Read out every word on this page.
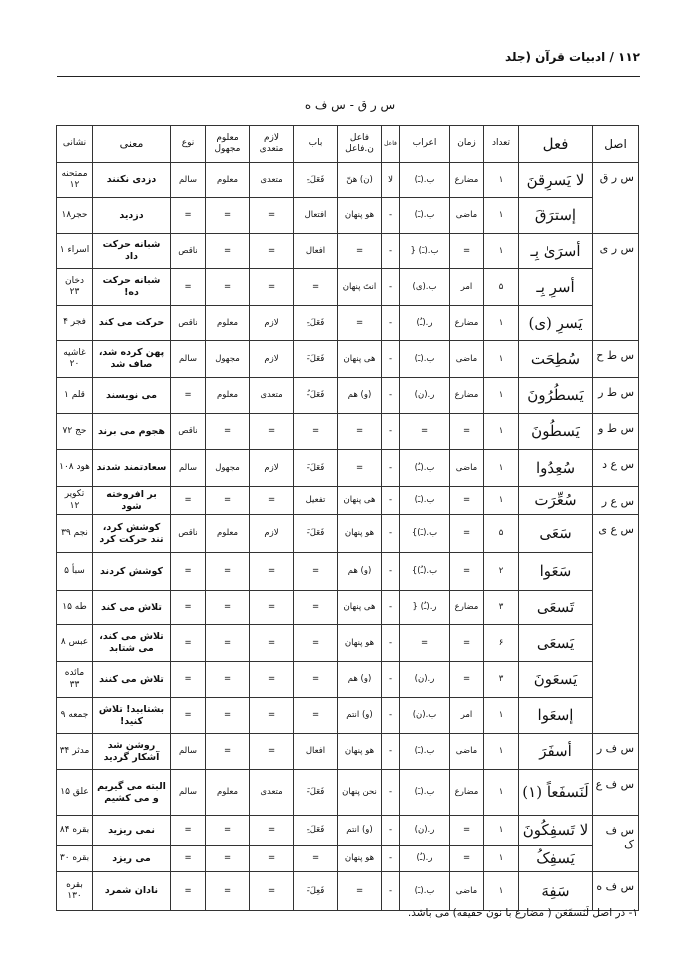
۱۱۲ / ادبیات قرآن (جلد
س ر ق - س ف ه
اصل	فعل	تعداد	زمان	اعراب	فاعل	فاعل ن.فاعل	باب	لازم متعدی	معلوم مجهول	نوع	معنی	نشانی
س ر ق	لا یَسرِقنَ	۱	مضارع	ب.(ـَ)	لا	(ن) هنّ	فَعَلَ-ِ	متعدی	معلوم	سالم	دزدی نکنند	ممتحنه ۱۲
	إسترَقَ	۱	ماضی	ب.(ـَ)	-	هو پنهان	افتعال	=	=	=	دزدید	حجر۱۸
س ر ی	أسرَیٰ بِـ	۱	=	ب.(ـَ) {	-	=	افعال	=	=	ناقص	شبانه حرکت داد	اسراء ۱
	أسرِ بِـ	۵	امر	ب.(ی)	-	انتَ پنهان	=	=	=	=	شبانه حرکت ده!	دخان ۲۳
	یَسرِ (ی)	۱	مضارع	ر.(ـُ)	-	=	فَعَلَ-ِ	لازم	معلوم	ناقص	حرکت می کند	فجر ۴
س ط ح	سُطِحَت	۱	ماضی	ب.(ـَ)	-	هی پنهان	فَعَلَ-َ	لازم	مجهول	سالم	پهن کرده شد، صاف شد	غاشیه ۲۰
س ط ر	یَسطُرُونَ	۱	مضارع	ر.(ن)	-	(و) هم	فَعَلَ-ُ	متعدی	معلوم	=	می نویسند	قلم ۱
س ط و	یَسطُونَ	۱	=	=	-	=	=	=	=	ناقص	هجوم می برند	حج ۷۲
س ع د	سُعِدُوا	۱	ماضی	ب.(ـُ)	-	=	فَعَلَ-َ	لازم	مجهول	سالم	سعادتمند شدند	هود ۱۰۸
س ع ر	سُعِّرَت	۱	=	ب.(ـَ)	-	هی پنهان	تفعیل	=	=	=	بر افروخته شود	تکویر ۱۲
س ع ی	سَعَی	۵	=	ب.(ـَ)}	-	هو پنهان	فَعَلَ-َ	لازم	معلوم	ناقص	کوشش کرد، تند حرکت کرد	نجم ۳۹
	سَعَوا	۲	=	ب.(ـُ)}	-	(و) هم	=	=	=	=	کوشش کردند	سبأ ۵
	تَسعَی	۳	مضارع	ر.(ـُ) {	-	هی پنهان	=	=	=	=	تلاش می کند	طه ۱۵
	یَسعَی	۶	=	=	-	هو پنهان	=	=	=	=	تلاش می کند، می شتابد	عبس ۸
	یَسعَونَ	۳	=	ر.(ن)	-	(و) هم	=	=	=	=	تلاش می کنند	مائده ۳۳
	إسعَوا	۱	امر	ب.(ن)	-	(و) انتم	=	=	=	=	بشتابید! تلاش کنید!	جمعه ۹
س ف ر	أسفَرَ	۱	ماضی	ب.(ـَ)	-	هو پنهان	افعال	=	=	سالم	روشن شد آشکار گردید	مدثر ۳۴
س ف ع	لَنَسفَعاً (۱)	۱	مضارع	ب.(ـَ)	-	نحن پنهان	فَعَلَ-َ	متعدی	معلوم	سالم	البته می گیریم و می کشیم	علق ۱۵
س ف ک	لا تَسفِکُونَ	۱	=	ر.(ن)	-	(و) انتم	فَعَلَ-ِ	=	=	=	نمی ریزید	بقره ۸۴
	یَسفِکُ	۱	=	ر.(ـُ)	-	هو پنهان	=	=	=	=	می ریزد	بقره ۳۰
س ف ه	سَفِهَ	۱	ماضی	ب.(ـَ)	-	=	فَعِلَ-َ	=	=	=	نادان شمرد	بقره ۱۳۰
۱- در اصل لَنَسفَعَن ( مضارع با نون خفیفه) می باشد.
